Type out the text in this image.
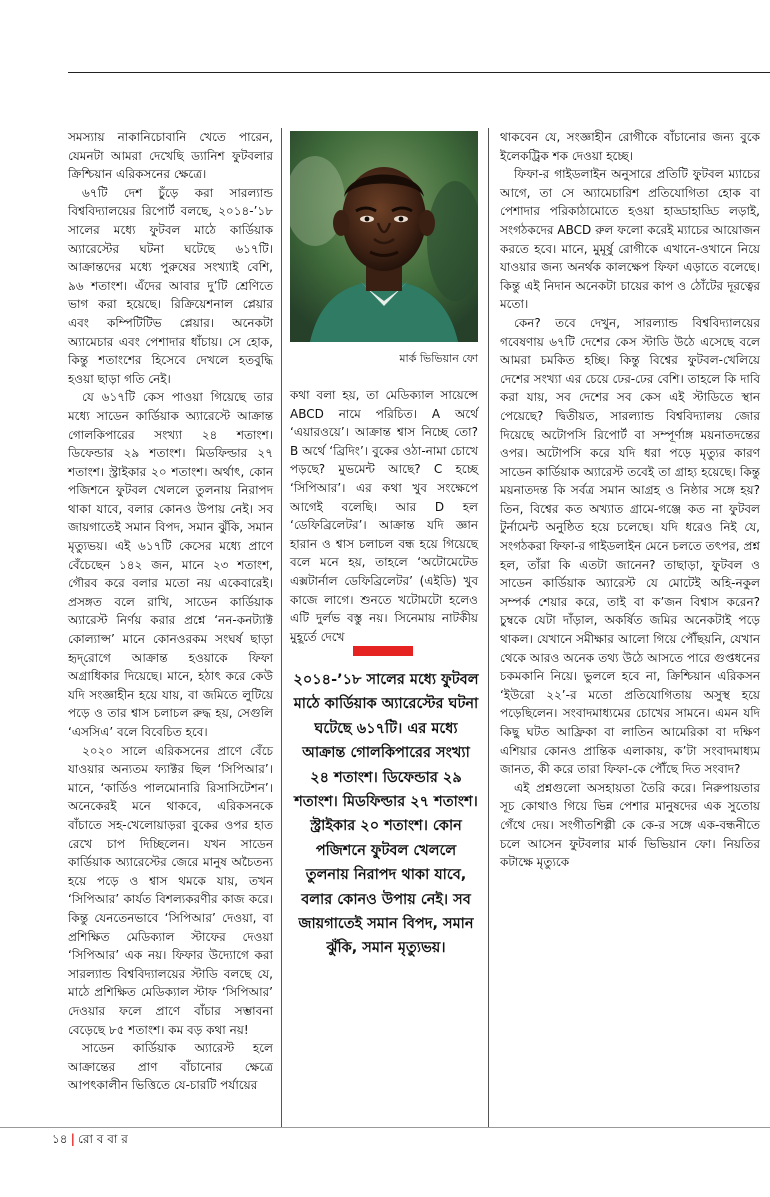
সমস্যায় নাকানিচোবানি খেতে পারেন, যেমনটা আমরা দেখেছি ড্যানিশ ফুটবলার ক্রিশ্চিয়ান এরিকসনের ক্ষেত্রে।

৬৭টি দেশ চুঁড়ে করা সারল্যান্ড বিশ্ববিদ্যালয়ের রিপোর্ট বলছে, ২০১৪-’১৮ সালের মধ্যে ফুটবল মাঠে কার্ডিয়াক অ্যারেস্টের ঘটনা ঘটেছে ৬১৭টি। আক্রান্তদের মধ্যে পুরুষের সংখ্যাই বেশি, ৯৬ শতাংশ। এঁদের আবার দু’টি শ্রেণিতে ভাগ করা হয়েছে। রিক্রিয়েশনাল প্লেয়ার এবং কম্পিটিটিভ প্লেয়ার। অনেকটা অ্যামেচার এবং পেশাদার ধাঁচায়। সে হোক, কিন্তু শতাংশের হিসেবে দেখলে হতবুদ্ধি হওয়া ছাড়া গতি নেই।

যে ৬১৭টি কেস পাওয়া গিয়েছে তার মধ্যে সাডেন কার্ডিয়াক অ্যারেস্টে আক্রান্ত গোলকিপারের সংখ্যা ২৪ শতাংশ। ডিফেন্ডার ২৯ শতাংশ। মিডফিল্ডার ২৭ শতাংশ। স্ট্রাইকার ২০ শতাংশ। অর্থাৎ, কোন পজিশনে ফুটবল খেললে তুলনায় নিরাপদ থাকা যাবে, বলার কোনও উপায় নেই। সব জায়গাতেই সমান বিপদ, সমান ঝুঁকি, সমান মৃত্যুভয়। এই ৬১৭টি কেসের মধ্যে প্রাণে বেঁচেছেন ১৪২ জন, মানে ২৩ শতাংশ, গৌরব করে বলার মতো নয় একেবারেই। প্রসঙ্গত বলে রাখি, সাডেন কার্ডিয়াক অ্যারেস্ট নির্ণয় করার প্রশ্নে ‘নন-কনট্যাক্ট কোল্যাপ্স’ মানে কোনওরকম সংঘর্ষ ছাড়া হৃদ্‌রোগে আক্রান্ত হওয়াকে ফিফা অগ্রাধিকার দিয়েছে। মানে, হঠাৎ করে কেউ যদি সংজ্ঞাহীন হয়ে যায়, বা জমিতে লুটিয়ে পড়ে ও তার শ্বাস চলাচল রুদ্ধ হয়, সেগুলি ‘এসসিএ’ বলে বিবেচিত হবে।

২০২০ সালে এরিকসনের প্রাণে বেঁচে যাওয়ার অন্যতম ফ্যাক্টর ছিল ‘সিপিআর’। মানে, ‘কার্ডিও পালমোনারি রিসাসিটেশন’। অনেকেরই মনে থাকবে, এরিকসনকে বাঁচাতে সহ-খেলোয়াড়রা বুকের ওপর হাত রেখে চাপ দিচ্ছিলেন। যখন সাডেন কার্ডিয়াক অ্যারেস্টের জেরে মানুষ অচৈতন্য হয়ে পড়ে ও শ্বাস থমকে যায়, তখন ‘সিপিআর’ কার্যত বিশল্যকরণীর কাজ করে। কিন্তু যেনতেনভাবে ‘সিপিআর’ দেওয়া, বা প্রশিক্ষিত মেডিক্যাল স্টাফের দেওয়া ‘সিপিআর’ এক নয়। ফিফার উদ্যোগে করা সারল্যান্ড বিশ্ববিদ্যালয়ের স্টাডি বলছে যে, মাঠে প্রশিক্ষিত মেডিক্যাল স্টাফ ‘সিপিআর’ দেওয়ার ফলে প্রাণে বাঁচার সম্ভাবনা বেড়েছে ৮৫ শতাংশ। কম বড় কথা নয়!

সাডেন কার্ডিয়াক অ্যারেস্ট হলে আক্রান্তের প্রাণ বাঁচানোর ক্ষেত্রে আপৎকালীন ভিত্তিতে যে-চারটি পর্যায়ের

মার্ক ভিভিয়ান ফো

কথা বলা হয়, তা মেডিক্যাল সায়েন্সে ABCD নামে পরিচিত। A অর্থে ‘এয়ারওয়ে’। আক্রান্ত শ্বাস নিচ্ছে তো? B অর্থে ‘ব্রিদিং’। বুকের ওঠা-নামা চোখে পড়ছে? মুভমেন্ট আছে? C হচ্ছে ‘সিপিআর’। এর কথা খুব সংক্ষেপে আগেই বলেছি। আর D হল ‘ডেফিব্রিলেটর’। আক্রান্ত যদি জ্ঞান হারান ও শ্বাস চলাচল বন্ধ হয়ে গিয়েছে বলে মনে হয়, তাহলে ‘অটোমেটেড এক্সটার্নাল ডেফিব্রিলেটর’ (এইডি) খুব কাজে লাগে। শুনতে খটোমটো হলেও এটি দুর্লভ বস্তু নয়। সিনেমায় নাটকীয় মুহূর্তে দেখে

২০১৪-’১৮ সালের মধ্যে ফুটবল মাঠে কার্ডিয়াক অ্যারেস্টের ঘটনা ঘটেছে ৬১৭টি। এর মধ্যে আক্রান্ত গোলকিপারের সংখ্যা ২৪ শতাংশ। ডিফেন্ডার ২৯ শতাংশ। মিডফিল্ডার ২৭ শতাংশ। স্ট্রাইকার ২০ শতাংশ। কোন পজিশনে ফুটবল খেললে তুলনায় নিরাপদ থাকা যাবে, বলার কোনও উপায় নেই। সব জায়গাতেই সমান বিপদ, সমান ঝুঁকি, সমান মৃত্যুভয়।

থাকবেন যে, সংজ্ঞাহীন রোগীকে বাঁচানোর জন্য বুকে ইলেকট্রিক শক দেওয়া হচ্ছে।

ফিফা-র গাইডলাইন অনুসারে প্রতিটি ফুটবল ম্যাচের আগে, তা সে অ্যামেচারিশ প্রতিযোগিতা হোক বা পেশাদার পরিকাঠামোতে হওয়া হাড্ডাহাড্ডি লড়াই, সংগঠকদের ABCD রুল ফলো করেই ম্যাচের আয়োজন করতে হবে। মানে, মুমূর্ষু রোগীকে এখানে-ওখানে নিয়ে যাওয়ার জন্য অনর্থক কালক্ষেপ ফিফা এড়াতে বলেছে। কিন্তু এই নিদান অনেকটা চায়ের কাপ ও ঠোঁটের দূরত্বের মতো।

কেন? তবে দেখুন, সারল্যান্ড বিশ্ববিদ্যালয়ের গবেষণায় ৬৭টি দেশের কেস স্টাডি উঠে এসেছে বলে আমরা চমকিত হচ্ছি। কিন্তু বিশ্বের ফুটবল-খেলিয়ে দেশের সংখ্যা এর চেয়ে ঢের-ঢের বেশি। তাহলে কি দাবি করা যায়, সব দেশের সব কেস এই স্টাডিতে স্থান পেয়েছে? দ্বিতীয়ত, সারল্যান্ড বিশ্ববিদ্যালয় জোর দিয়েছে অটোপসি রিপোর্ট বা সম্পূর্ণাঙ্গ ময়নাতদন্তের ওপর। অটোপসি করে যদি ধরা পড়ে মৃত্যুর কারণ সাডেন কার্ডিয়াক অ্যারেস্ট তবেই তা গ্রাহ্য হয়েছে। কিন্তু ময়নাতদন্ত কি সর্বত্র সমান আগ্রহ ও নিষ্ঠার সঙ্গে হয়? তিন, বিশ্বের কত অখ্যাত গ্রামে-গঞ্জে কত না ফুটবল টুর্নামেন্ট অনুষ্ঠিত হয়ে চলেছে। যদি ধরেও নিই যে, সংগঠকরা ফিফা-র গাইডলাইন মেনে চলতে তৎপর, প্রশ্ন হল, তাঁরা কি এতটা জানেন? তাছাড়া, ফুটবল ও সাডেন কার্ডিয়াক অ্যারেস্ট যে মোটেই অহি-নকুল সম্পর্ক শেয়ার করে, তাই বা ক’জন বিশ্বাস করেন? চুম্বকে যেটা দাঁড়াল, অকর্ষিত জমির অনেকটাই পড়ে থাকল। যেখানে সমীক্ষার আলো গিয়ে পৌঁছয়নি, যেখান থেকে আরও অনেক তথ্য উঠে আসতে পারে গুপ্তধনের চকমকানি নিয়ে। ভুললে হবে না, ক্রিশ্চিয়ান এরিকসন ‘ইউরো ২২’-র মতো প্রতিযোগিতায় অসুস্থ হয়ে পড়েছিলেন। সংবাদমাধ্যমের চোখের সামনে। এমন যদি কিছু ঘটত আফ্রিকা বা লাতিন আমেরিকা বা দক্ষিণ এশিয়ার কোনও প্রান্তিক এলাকায়, ক’টা সংবাদমাধ্যম জানত, কী করে তারা ফিফা-কে পৌঁছে দিত সংবাদ?

এই প্রশ্নগুলো অসহায়তা তৈরি করে। নিরুপায়তার সূচ কোথাও গিয়ে ভিন্ন পেশার মানুষদের এক সুতোয় গেঁথে দেয়। সংগীতশিল্পী কে কে-র সঙ্গে এক-বন্ধনীতে চলে আসেন ফুটবলার মার্ক ভিভিয়ান ফো। নিয়তির কটাক্ষে মৃত্যুকে

১৪ | রো ব বা র
